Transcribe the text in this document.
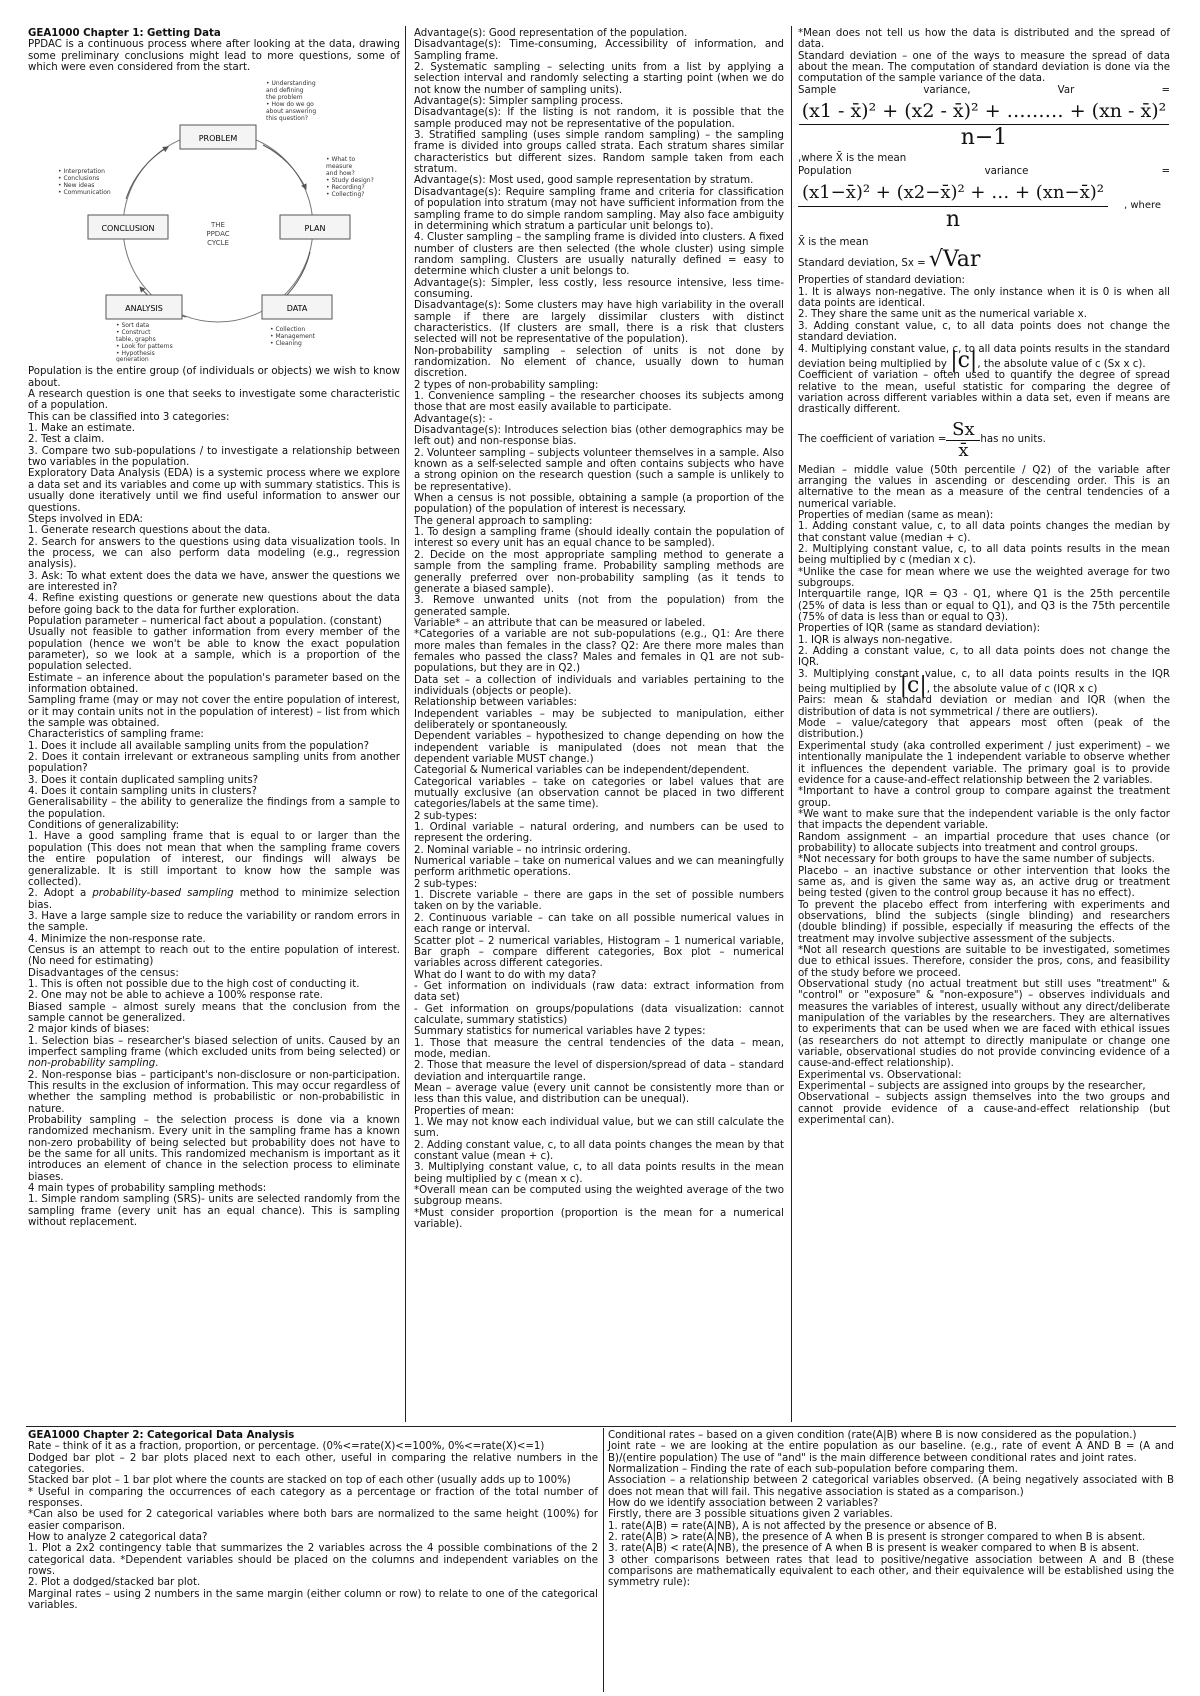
GEA1000 Chapter 1: Getting Data

PPDAC is a continuous process where after looking at the data, drawing some preliminary conclusions might lead to more questions, some of which were even considered from the start.

PROBLEM
PLAN
DATA
ANALYSIS
CONCLUSION	THE
PPDAC
CYCLE
• Understanding
and defining
the problem
• How do we go
about answering
this question?
• What to
measure
and how?
• Study design?
• Recording?
• Collecting?
• Collection
• Management
• Cleaning
• Sort data
• Construct
table, graphs
• Look for patterns
• Hypothesis
generation
• Interpretation
• Conclusions
• New ideas
• Communication

Population is the entire group (of individuals or objects) we wish to know about.

A research question is one that seeks to investigate some characteristic of a population.

This can be classified into 3 categories:

1. Make an estimate.

2. Test a claim.

3. Compare two sub-populations / to investigate a relationship between two variables in the population.

Exploratory Data Analysis (EDA) is a systemic process where we explore a data set and its variables and come up with summary statistics. This is usually done iteratively until we find useful information to answer our questions.

Steps involved in EDA:

1. Generate research questions about the data.

2. Search for answers to the questions using data visualization tools. In the process, we can also perform data modeling (e.g., regression analysis).

3. Ask: To what extent does the data we have, answer the questions we are interested in?

4. Refine existing questions or generate new questions about the data before going back to the data for further exploration.

Population parameter – numerical fact about a population. (constant)

Usually not feasible to gather information from every member of the population (hence we won't be able to know the exact population parameter), so we look at a sample, which is a proportion of the population selected.

Estimate – an inference about the population's parameter based on the information obtained.

Sampling frame (may or may not cover the entire population of interest, or it may contain units not in the population of interest) – list from which the sample was obtained.

Characteristics of sampling frame:

1. Does it include all available sampling units from the population?

2. Does it contain irrelevant or extraneous sampling units from another population?

3. Does it contain duplicated sampling units?

4. Does it contain sampling units in clusters?

Generalisability – the ability to generalize the findings from a sample to the population.

Conditions of generalizability:

1. Have a good sampling frame that is equal to or larger than the population (This does not mean that when the sampling frame covers the entire population of interest, our findings will always be generalizable. It is still important to know how the sample was collected).

2. Adopt a probability-based sampling method to minimize selection bias.

3. Have a large sample size to reduce the variability or random errors in the sample.

4. Minimize the non-response rate.

Census is an attempt to reach out to the entire population of interest. (No need for estimating)

Disadvantages of the census:

1. This is often not possible due to the high cost of conducting it.

2. One may not be able to achieve a 100% response rate.

Biased sample – almost surely means that the conclusion from the sample cannot be generalized.

2 major kinds of biases:

1. Selection bias – researcher's biased selection of units. Caused by an imperfect sampling frame (which excluded units from being selected) or non-probability sampling.

2. Non-response bias – participant's non-disclosure or non-participation. This results in the exclusion of information. This may occur regardless of whether the sampling method is probabilistic or non-probabilistic in nature.

Probability sampling – the selection process is done via a known randomized mechanism. Every unit in the sampling frame has a known non-zero probability of being selected but probability does not have to be the same for all units. This randomized mechanism is important as it introduces an element of chance in the selection process to eliminate biases.

4 main types of probability sampling methods:

1. Simple random sampling (SRS)- units are selected randomly from the sampling frame (every unit has an equal chance). This is sampling without replacement.

Advantage(s): Good representation of the population.

Disadvantage(s): Time-consuming, Accessibility of information, and Sampling frame.

2. Systematic sampling – selecting units from a list by applying a selection interval and randomly selecting a starting point (when we do not know the number of sampling units).

Advantage(s): Simpler sampling process.

Disadvantage(s): If the listing is not random, it is possible that the sample produced may not be representative of the population.

3. Stratified sampling (uses simple random sampling) – the sampling frame is divided into groups called strata. Each stratum shares similar characteristics but different sizes. Random sample taken from each stratum.

Advantage(s): Most used, good sample representation by stratum.

Disadvantage(s): Require sampling frame and criteria for classification of population into stratum (may not have sufficient information from the sampling frame to do simple random sampling. May also face ambiguity in determining which stratum a particular unit belongs to).

4. Cluster sampling – the sampling frame is divided into clusters. A fixed number of clusters are then selected (the whole cluster) using simple random sampling. Clusters are usually naturally defined = easy to determine which cluster a unit belongs to.

Advantage(s): Simpler, less costly, less resource intensive, less time-consuming.

Disadvantage(s): Some clusters may have high variability in the overall sample if there are largely dissimilar clusters with distinct characteristics. (If clusters are small, there is a risk that clusters selected will not be representative of the population).

Non-probability sampling – selection of units is not done by randomization. No element of chance, usually down to human discretion.

2 types of non-probability sampling:

1. Convenience sampling – the researcher chooses its subjects among those that are most easily available to participate.

Advantage(s): -

Disadvantage(s): Introduces selection bias (other demographics may be left out) and non-response bias.

2. Volunteer sampling – subjects volunteer themselves in a sample. Also known as a self-selected sample and often contains subjects who have a strong opinion on the research question (such a sample is unlikely to be representative).

When a census is not possible, obtaining a sample (a proportion of the population) of the population of interest is necessary.

The general approach to sampling:

1. To design a sampling frame (should ideally contain the population of interest so every unit has an equal chance to be sampled).

2. Decide on the most appropriate sampling method to generate a sample from the sampling frame. Probability sampling methods are generally preferred over non-probability sampling (as it tends to generate a biased sample).

3. Remove unwanted units (not from the population) from the generated sample.

Variable* – an attribute that can be measured or labeled.

*Categories of a variable are not sub-populations (e.g., Q1: Are there more males than females in the class? Q2: Are there more males than females who passed the class? Males and females in Q1 are not sub-populations, but they are in Q2.)

Data set – a collection of individuals and variables pertaining to the individuals (objects or people).

Relationship between variables:

Independent variables – may be subjected to manipulation, either deliberately or spontaneously.

Dependent variables – hypothesized to change depending on how the independent variable is manipulated (does not mean that the dependent variable MUST change.)

Categorial & Numerical variables can be independent/dependent.

Categorical variables – take on categories or label values that are mutually exclusive (an observation cannot be placed in two different categories/labels at the same time).

2 sub-types:

1. Ordinal variable – natural ordering, and numbers can be used to represent the ordering.

2. Nominal variable – no intrinsic ordering.

Numerical variable – take on numerical values and we can meaningfully perform arithmetic operations.

2 sub-types:

1. Discrete variable – there are gaps in the set of possible numbers taken on by the variable.

2. Continuous variable – can take on all possible numerical values in each range or interval.

Scatter plot – 2 numerical variables, Histogram – 1 numerical variable, Bar graph – compare different categories, Box plot – numerical variables across different categories.

What do I want to do with my data?

- Get information on individuals (raw data: extract information from data set)

- Get information on groups/populations (data visualization: cannot calculate, summary statistics)

Summary statistics for numerical variables have 2 types:

1. Those that measure the central tendencies of the data – mean, mode, median.

2. Those that measure the level of dispersion/spread of data – standard deviation and interquartile range.

Mean – average value (every unit cannot be consistently more than or less than this value, and distribution can be unequal).

Properties of mean:

1. We may not know each individual value, but we can still calculate the sum.

2. Adding constant value, c, to all data points changes the mean by that constant value (mean + c).

3. Multiplying constant value, c, to all data points results in the mean being multiplied by c (mean x c).

*Overall mean can be computed using the weighted average of the two subgroup means.

*Must consider proportion (proportion is the mean for a numerical variable).

*Mean does not tell us how the data is distributed and the spread of data.

Standard deviation – one of the ways to measure the spread of data about the mean. The computation of standard deviation is done via the computation of the sample variance of the data.

Sample	variance,	Var	=
$\frac{\text{(x1 - x̄)² + (x2 - x̄)² + ……… + (xn - x̄)²}}{n-1}$

,where X̄ is the mean

Population	variance	=
$\frac{\text{(x1−x̄)² + (x2−x̄)² + … + (xn−x̄)²}}{n}$ , where

X̄ is the mean

Standard deviation, Sx = √Var

Properties of standard deviation:

1. It is always non-negative. The only instance when it is 0 is when all data points are identical.

2. They share the same unit as the numerical variable x.

3. Adding constant value, c, to all data points does not change the standard deviation.

4. Multiplying constant value, c, to all data points results in the standard deviation being multiplied by |c|, the absolute value of c (Sx x c).

Coefficient of variation – often used to quantify the degree of spread relative to the mean, useful statistic for comparing the degree of variation across different variables within a data set, even if means are drastically different.

The coefficient of variation = $\frac{Sx}{x̄}$ has no units.

Median – middle value (50th percentile / Q2) of the variable after arranging the values in ascending or descending order. This is an alternative to the mean as a measure of the central tendencies of a numerical variable.

Properties of median (same as mean):

1. Adding constant value, c, to all data points changes the median by that constant value (median + c).

2. Multiplying constant value, c, to all data points results in the mean being multiplied by c (median x c).

*Unlike the case for mean where we use the weighted average for two subgroups.

Interquartile range, IQR = Q3 - Q1, where Q1 is the 25th percentile (25% of data is less than or equal to Q1), and Q3 is the 75th percentile (75% of data is less than or equal to Q3).

Properties of IQR (same as standard deviation):

1. IQR is always non-negative.

2. Adding a constant value, c, to all data points does not change the IQR.

3. Multiplying constant value, c, to all data points results in the IQR being multiplied by |c|, the absolute value of c (IQR x c)

Pairs: mean & standard deviation or median and IQR (when the distribution of data is not symmetrical / there are outliers).

Mode – value/category that appears most often (peak of the distribution.)

Experimental study (aka controlled experiment / just experiment) – we intentionally manipulate the 1 independent variable to observe whether it influences the dependent variable. The primary goal is to provide evidence for a cause-and-effect relationship between the 2 variables.

*Important to have a control group to compare against the treatment group.

*We want to make sure that the independent variable is the only factor that impacts the dependent variable.

Random assignment – an impartial procedure that uses chance (or probability) to allocate subjects into treatment and control groups.

*Not necessary for both groups to have the same number of subjects.

Placebo – an inactive substance or other intervention that looks the same as, and is given the same way as, an active drug or treatment being tested (given to the control group because it has no effect).

To prevent the placebo effect from interfering with experiments and observations, blind the subjects (single blinding) and researchers (double blinding) if possible, especially if measuring the effects of the treatment may involve subjective assessment of the subjects.

*Not all research questions are suitable to be investigated, sometimes due to ethical issues. Therefore, consider the pros, cons, and feasibility of the study before we proceed.

Observational study (no actual treatment but still uses "treatment" & "control" or "exposure" & "non-exposure") – observes individuals and measures the variables of interest, usually without any direct/deliberate manipulation of the variables by the researchers. They are alternatives to experiments that can be used when we are faced with ethical issues (as researchers do not attempt to directly manipulate or change one variable, observational studies do not provide convincing evidence of a cause-and-effect relationship).

Experimental vs. Observational:

Experimental – subjects are assigned into groups by the researcher,

Observational – subjects assign themselves into the two groups and cannot provide evidence of a cause-and-effect relationship (but experimental can).

GEA1000 Chapter 2: Categorical Data Analysis

Rate – think of it as a fraction, proportion, or percentage. (0%<=rate(X)<=100%, 0%<=rate(X)<=1)

Dodged bar plot – 2 bar plots placed next to each other, useful in comparing the relative numbers in the categories.

Stacked bar plot – 1 bar plot where the counts are stacked on top of each other (usually adds up to 100%)

* Useful in comparing the occurrences of each category as a percentage or fraction of the total number of responses.

*Can also be used for 2 categorical variables where both bars are normalized to the same height (100%) for easier comparison.

How to analyze 2 categorical data?

1. Plot a 2x2 contingency table that summarizes the 2 variables across the 4 possible combinations of the 2 categorical data. *Dependent variables should be placed on the columns and independent variables on the rows.

2. Plot a dodged/stacked bar plot.

Marginal rates – using 2 numbers in the same margin (either column or row) to relate to one of the categorical variables.

Conditional rates – based on a given condition (rate(A|B) where B is now considered as the population.)

Joint rate – we are looking at the entire population as our baseline. (e.g., rate of event A AND B = (A and B)/(entire population) The use of "and" is the main difference between conditional rates and joint rates.

Normalization – Finding the rate of each sub-population before comparing them.

Association – a relationship between 2 categorical variables observed. (A being negatively associated with B does not mean that will fail. This negative association is stated as a comparison.)

How do we identify association between 2 variables?

Firstly, there are 3 possible situations given 2 variables.

1. rate(A|B) = rate(A|NB), A is not affected by the presence or absence of B.

2. rate(A|B) > rate(A|NB), the presence of A when B is present is stronger compared to when B is absent.

3. rate(A|B) < rate(A|NB), the presence of A when B is present is weaker compared to when B is absent.

3 other comparisons between rates that lead to positive/negative association between A and B (these comparisons are mathematically equivalent to each other, and their equivalence will be established using the symmetry rule):
